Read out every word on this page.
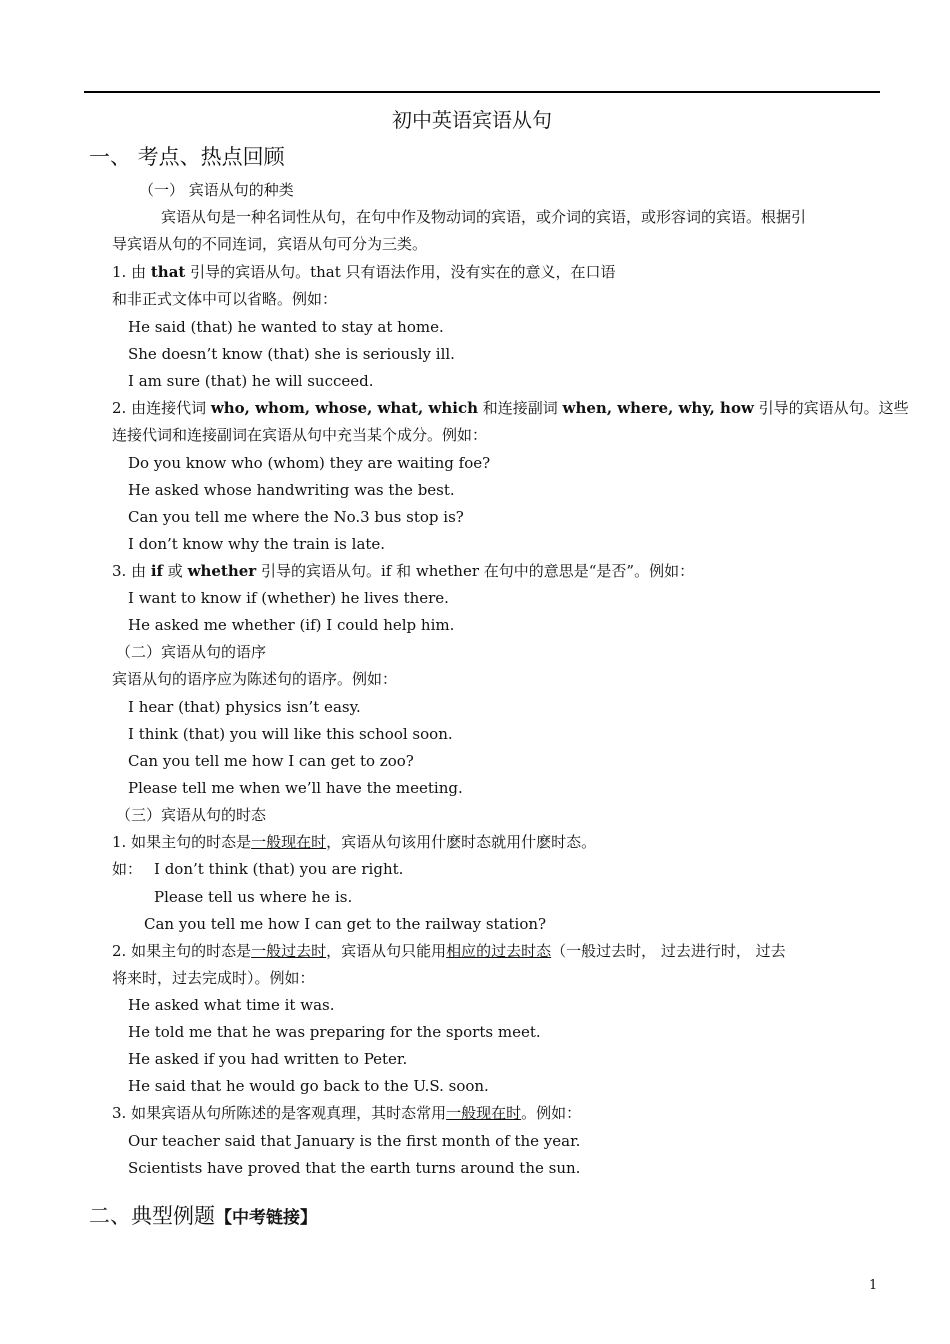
初中英语宾语从句
一、 考点、热点回顾
（一） 宾语从句的种类
宾语从句是一种名词性从句，在句中作及物动词的宾语，或介词的宾语，或形容词的宾语。根据引
导宾语从句的不同连词，宾语从句可分为三类。
1. 由 that 引导的宾语从句。that 只有语法作用，没有实在的意义，在口语
和非正式文体中可以省略。例如：
He said (that) he wanted to stay at home.
She doesn’t know (that) she is seriously ill.
I am sure (that) he will succeed.
2. 由连接代词 who, whom, whose, what, which 和连接副词 when, where, why, how 引导的宾语从句。这些
连接代词和连接副词在宾语从句中充当某个成分。例如：
Do you know who (whom) they are waiting foe?
He asked whose handwriting was the best.
Can you tell me where the No.3 bus stop is?
I don’t know why the train is late.
3. 由 if 或 whether 引导的宾语从句。if 和 whether 在句中的意思是“是否”。例如：
I want to know if (whether) he lives there.
He asked me whether (if) I could help him.
（二）宾语从句的语序
宾语从句的语序应为陈述句的语序。例如：
I hear (that) physics isn’t easy.
I think (that) you will like this school soon.
Can you tell me how I can get to zoo?
Please tell me when we’ll have the meeting.
（三）宾语从句的时态
1. 如果主句的时态是一般现在时，宾语从句该用什麽时态就用什麽时态。
如： I don’t think (that) you are right.
Please tell us where he is.
Can you tell me how I can get to the railway station?
2. 如果主句的时态是一般过去时，宾语从句只能用相应的过去时态（一般过去时， 过去进行时， 过去
将来时，过去完成时）。例如：
He asked what time it was.
He told me that he was preparing for the sports meet.
He asked if you had written to Peter.
He said that he would go back to the U.S. soon.
3. 如果宾语从句所陈述的是客观真理，其时态常用一般现在时。例如：
Our teacher said that January is the first month of the year.
Scientists have proved that the earth turns around the sun.
二、典型例题【中考链接】
1
